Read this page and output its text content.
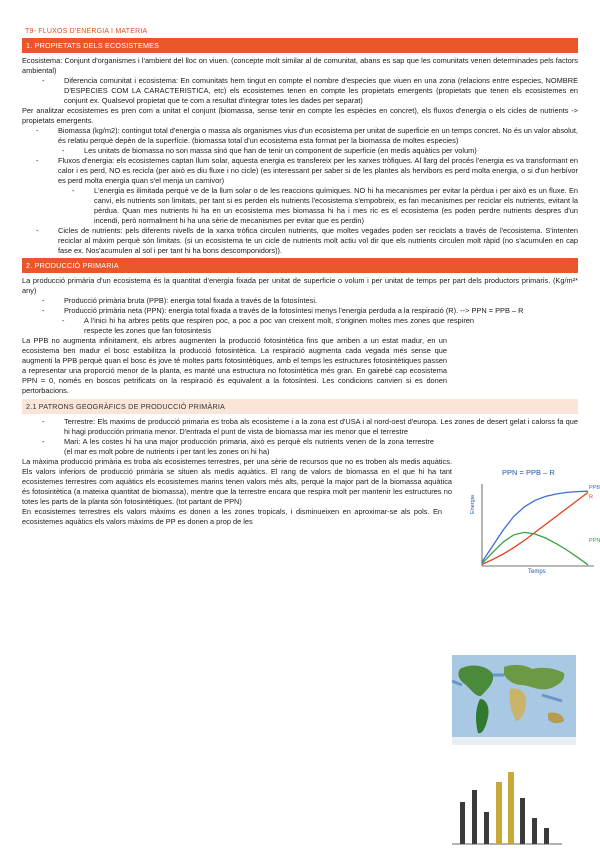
T9- FLUXOS D'ENERGIA I MATERIA
1. PROPIETATS DELS ECOSISTEMES

Ecosistema: Conjunt d'organismes i l'ambient del lloc on viuen. (concepte molt similar al de comunitat, abans es sap que les comunitats venen determinades pels factors ambiental)

- Diferencia comunitat i ecosistema: En comunitats hem tingut en compte el nombre d'especies que viuen en una zona (relacions entre especies, NOMBRE D'ESPECIES COM LA CARACTERISTICA, etc) els ecosistemes tenen en compte les propietats emergents (propietats que tenen els ecosistemes en conjunt ex. Qualsevol propietat que te com a resultat d'integrar totes les dades per separat)

Per analitzar ecosistemes es pren com a unitat el conjunt (biomassa, sense tenir en compte les espècies en concret), els fluxos d'energia o els cicles de nutrients -> propietats emergents.

- Biomassa (kg/m2): contingut total d'energia o massa als organismes vius d'un ecosistema per unitat de superficie en un temps concret. No és un valor absolut, és relatiu perquè depèn de la superfície. (biomassa total d'un ecosistema esta format per la biomassa de moltes especies)
- Les unitats de biomassa no son massa sinó que han de tenir un component de superficie (en medis aquàtics per volum)
- Fluxos d'energia: els ecosistemes captan llum solar, aquesta energia es transfereix per les xarxes tròfiques. Al llarg del procés l'energia es va transformant en calor i es perd, NO es recicla (per això es diu fluxe i no cicle) (es interessant per saber si de les plantes als hervibors es perd molta energia, o si d'un herbívor es perd molta energia quan s'el menja un carnivor)
- L'energia es ilimitada perquè ve de la llum solar o de les reaccions químiques. NO hi ha mecanismes per evitar la pèrdua i per això es un fluxe. En canvi, els nutrients son limitats, per tant si es perden els nutrients l'ecosistema s'empobreix, es fan mecanismes per reciclar els nutrients, evitant la pèrdua. Quan mes nutrients hi ha en un ecosistema mes biomassa hi ha i mes ric es el ecosistema (es poden perdre nutrients despres d'un incendi, però normalment hi ha una sèrie de mecanismes per evitar que es perdin)
- Cicles de nutrients: pels diferents nivells de la xarxa tròfica circulen nutrients, que moltes vegades poden ser reciclats a través de l'ecosistema. S'intenten reciclar al màxim perquè són limitats. (si un ecosistema te un cicle de nutrients molt actiu vol dir que els nutrients circulen molt ràpid (no s'acumulen en cap fase ex. Nos'acumulen al sol i per tant hi ha bons descomponidors)).
2. PRODUCCIÓ PRIMARIA

La producció primària d'un ecosistema és la quantitat d'energia fixada per unitat de superficie o volum i per unitat de temps per part dels productors primaris. (Kg/m²* any)

- Producció primària bruta (PPB): energia total fixada a través de la fotosíntesi.
- Producció primària neta (PPN): energia total fixada a través de la fotosíntesi menys l'energia perduda a la respiració (R). --> PPN = PPB – R
- A l'inici hi ha arbres petits que respiren poc, a poc a poc van creixent molt, s'originen moltes mes zones que respiren respecte les zones que fan fotosintesis

La PPB no augmenta infinitament, els arbres augmenten la producció fotosintètica fins que arriben a un estat madur, en un ecosistema ben madur el bosc estabilitza la producció fotosintètica. La respiració augmenta cada vegada més sense que augmenti la PPB perquè quan el bosc és jove té moltes parts fotosintètiques, amb el temps les estructures fotosintètiques passen a representar una proporció menor de la planta, es manté una estructura no fotosintètica més gran. En gairebé cap ecosistema PPN = 0, només en boscos petrificats on la respiració és equivalent a la fotosíntesi. Les condicions canvien si es donen pertorbacions.

2.1 PATRONS GEOGRÀFICS DE PRODUCCIÓ PRIMÀRIA
- Terrestre: Els maxims de producció primaria es troba als ecosisteme i a la zona est d'USA i al nord-oest d'europa. Les zones de desert gelat i calorss fa que hi hagi producción primaria menor. D'entrada el punt de vista de biomassa mar ies menor que el terrestre
- Mari: A les costes hi ha una major producción primaria, això es perquè els nutrients venen de la zona terrestre (el mar es molt pobre de nutrients i per tant les zones on hi ha)

La màxima producció primària es troba als ecosistemes terrestres, per una sèrie de recursos que no es troben als medis aquàtics. Els valors inferiors de producció primària se situen als medis aquàtics. El rang de valors de biomassa en el que hi ha tant ecosistemes terrestres com aquàtics els ecosistemes marins tenen valors més alts, perquè la major part de la biomassa aquàtica és fotosintètica (a mateixa quantitat de biomassa), mentre que la terrestre encara que respira molt per mantenir les estructures no totes les parts de la planta són fotosintètiques. (tot partant de PPN)

En ecosistemes terrestres els valors màxims es donen a les zones tropicals, i disminueixen en aproximar-se als pols. En ecosistemes aquàtics els valors màxims de PP es donen a prop de les

PPN = PPB – R
PPB
R
PPN
Energia
Temps
